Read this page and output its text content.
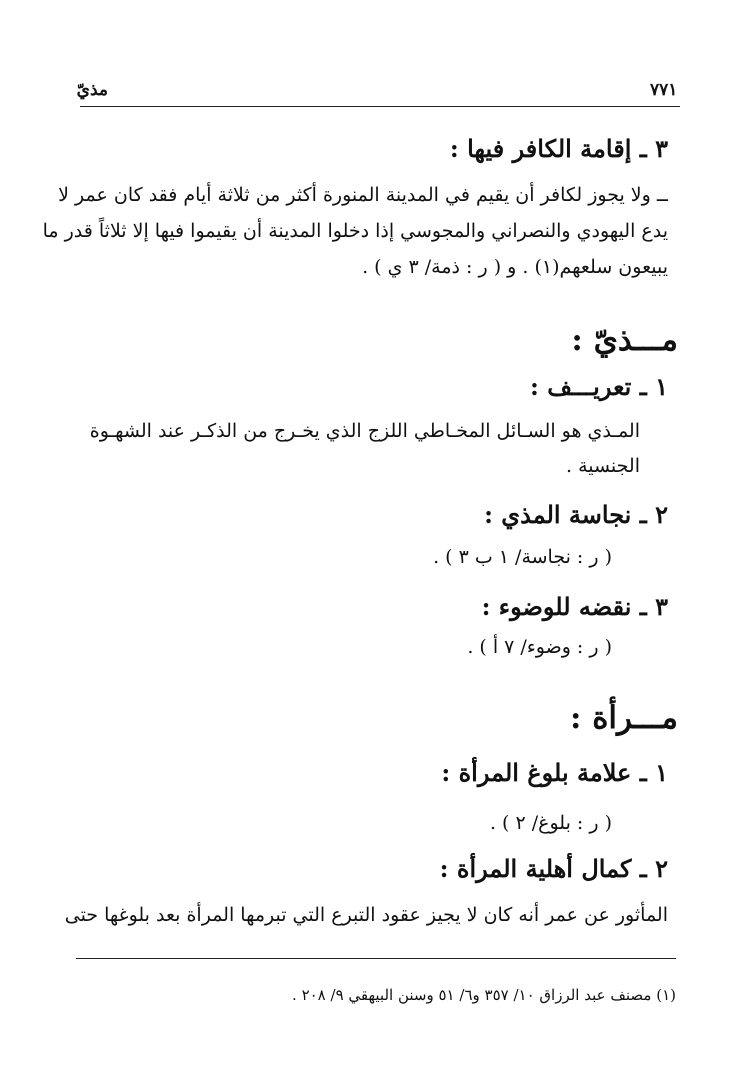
٧٧١
مذيّ
٣ ـ إقامة الكافر فيها :
ــ ولا يجوز لكافر أن يقيم في المدينة المنورة أكثر من ثلاثة أيام فقد كان عمر لا
يدع اليهودي والنصراني والمجوسي إذا دخلوا المدينة أن يقيموا فيها إلا ثلاثاً قدر ما
يبيعون سلعهم(١) . و ( ر : ذمة/ ٣ ي ) .
مـــذيّ :
١ ـ تعريـــف :
المـذي هو السـائل المخـاطي اللزج الذي يخـرج من الذكـر عند الشهـوة
الجنسية .
٢ ـ نجاسة المذي :
( ر : نجاسة/ ١ ب ٣ ) .
٣ ـ نقضه للوضوء :
( ر : وضوء/ ٧ أ ) .
مـــرأة :
١ ـ علامة بلوغ المرأة :
( ر : بلوغ/ ٢ ) .
٢ ـ كمال أهلية المرأة :
المأثور عن عمر أنه كان لا يجيز عقود التبرع التي تبرمها المرأة بعد بلوغها حتى
(١) مصنف عبد الرزاق ١٠/ ٣٥٧ و٦/ ٥١ وسنن البيهقي ٩/ ٢٠٨ .
